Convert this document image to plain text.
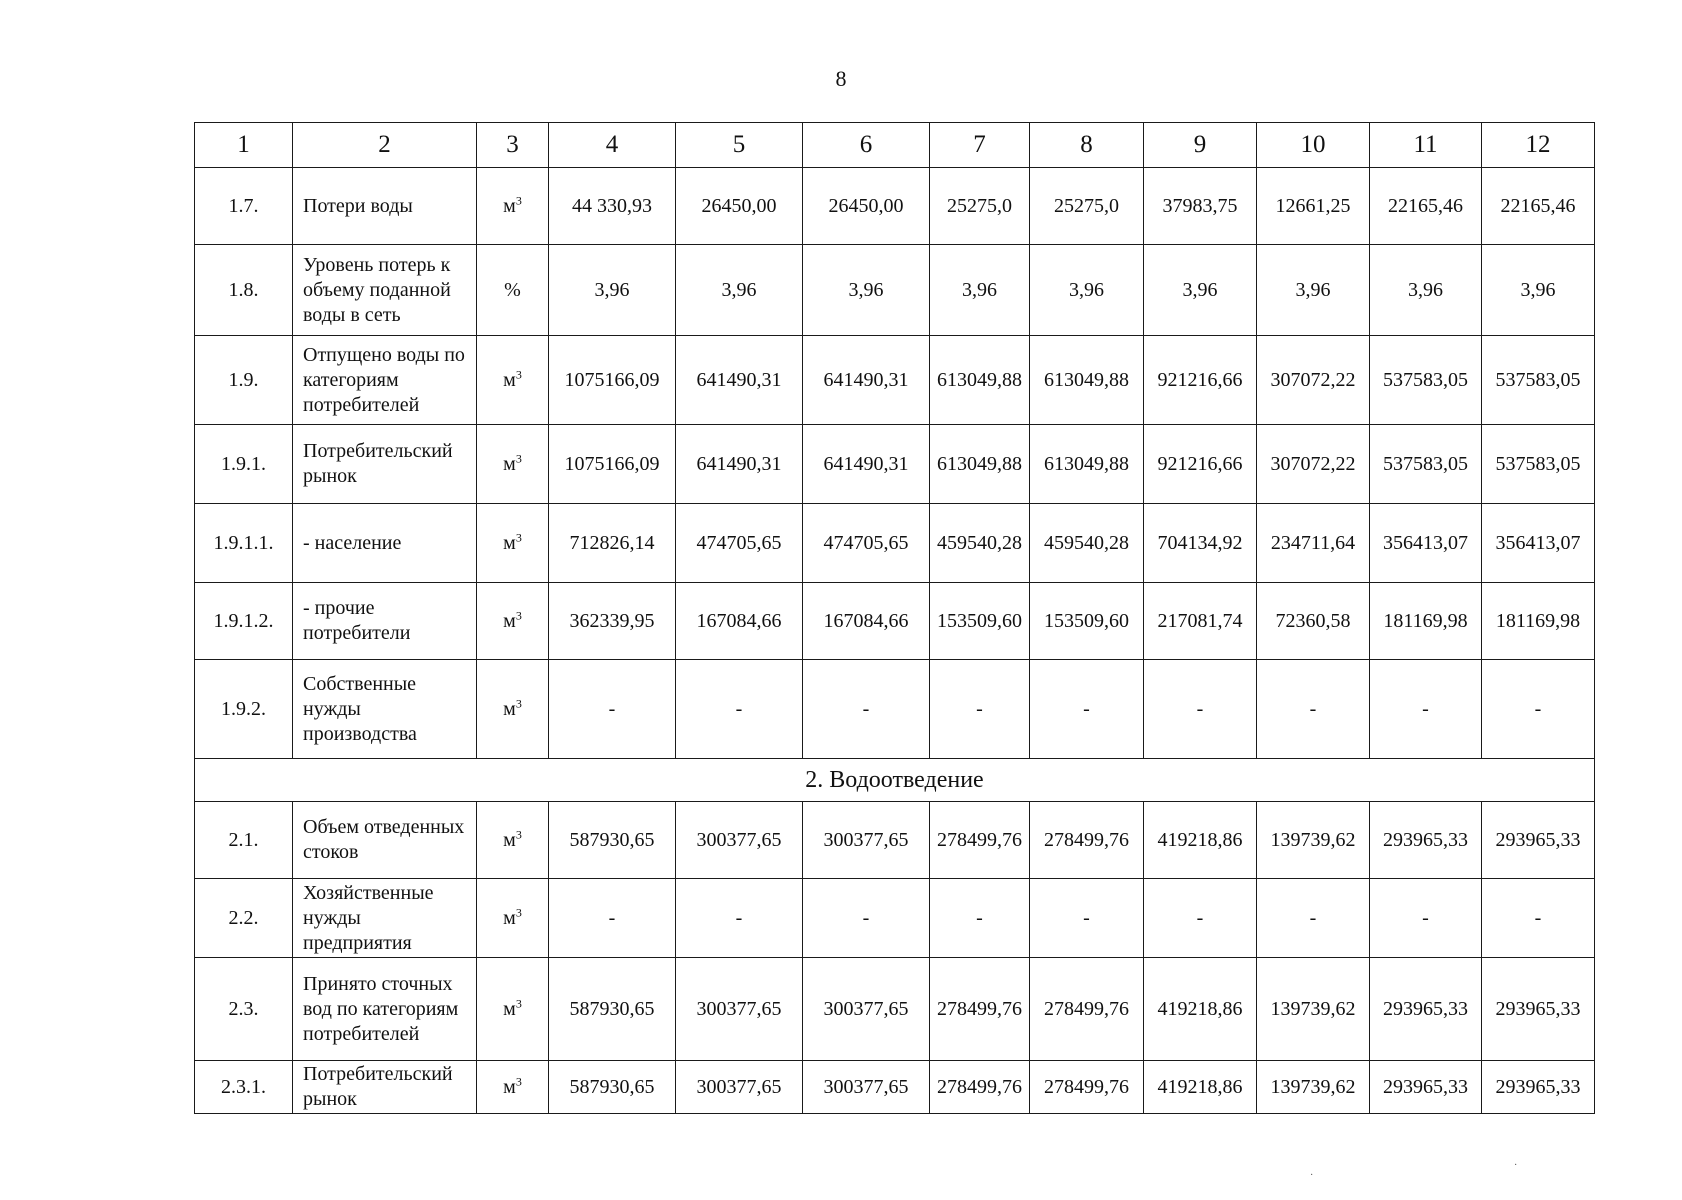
8
1	2	3	4	5	6	7	8	9	10	11	12
1.7.	Потери воды	$м^3$	44 330,93	26450,00	26450,00	25275,0	25275,0	37983,75	12661,25	22165,46	22165,46
1.8.	Уровень потерь к объему поданной воды в сеть	%	3,96	3,96	3,96	3,96	3,96	3,96	3,96	3,96	3,96
1.9.	Отпущено воды по категориям потребителей	$м^3$	1075166,09	641490,31	641490,31	613049,88	613049,88	921216,66	307072,22	537583,05	537583,05
1.9.1.	Потребительский рынок	$м^3$	1075166,09	641490,31	641490,31	613049,88	613049,88	921216,66	307072,22	537583,05	537583,05
1.9.1.1.	- население	$м^3$	712826,14	474705,65	474705,65	459540,28	459540,28	704134,92	234711,64	356413,07	356413,07
1.9.1.2.	- прочие потребители	$м^3$	362339,95	167084,66	167084,66	153509,60	153509,60	217081,74	72360,58	181169,98	181169,98
1.9.2.	Собственные нужды производства	$м^3$	-	-	-	-	-	-	-	-	-
2. Водоотведение											
2.1.	Объем отведенных стоков	$м^3$	587930,65	300377,65	300377,65	278499,76	278499,76	419218,86	139739,62	293965,33	293965,33
2.2.	Хозяйственные нужды предприятия	$м^3$	-	-	-	-	-	-	-	-	-
2.3.	Принято сточных вод по категориям потребителей	$м^3$	587930,65	300377,65	300377,65	278499,76	278499,76	419218,86	139739,62	293965,33	293965,33
2.3.1.	Потребительский рынок	$м^3$	587930,65	300377,65	300377,65	278499,76	278499,76	419218,86	139739,62	293965,33	293965,33
·
·
